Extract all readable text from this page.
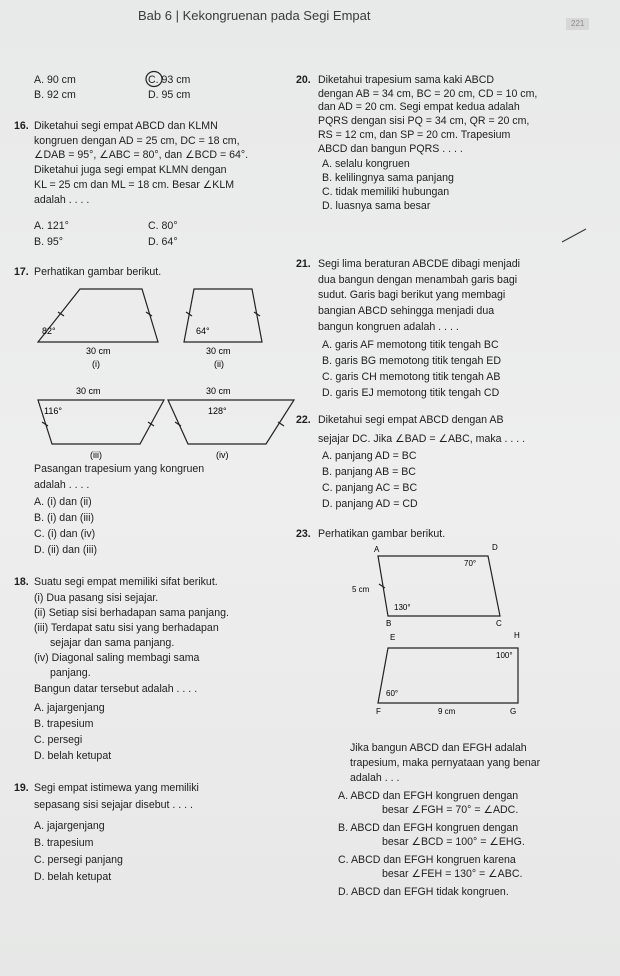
Bab 6 | Kekongruenan pada Segi Empat
221
A. 90 cm
B. 92 cm
C. 93 cm
D. 95 cm
16. Diketahui segi empat ABCD dan KLMN
kongruen dengan AD = 25 cm, DC = 18 cm,
∠DAB = 95°, ∠ABC = 80°, dan ∠BCD = 64°.
Diketahui juga segi empat KLMN dengan
KL = 25 cm dan ML = 18 cm. Besar ∠KLM
adalah . . . .
A. 121°
B. 95°
C. 80°
D. 64°
17. Perhatikan gambar berikut.
82°
30 cm
(i)
64°
30 cm
(ii)
30 cm
116°
(iii)
30 cm
128°
(iv)
Pasangan trapesium yang kongruen
adalah . . . .
A. (i) dan (ii)
B. (i) dan (iii)
C. (i) dan (iv)
D. (ii) dan (iii)
18. Suatu segi empat memiliki sifat berikut.
(i) Dua pasang sisi sejajar.
(ii) Setiap sisi berhadapan sama panjang.
(iii) Terdapat satu sisi yang berhadapan
sejajar dan sama panjang.
(iv) Diagonal saling membagi sama
panjang.
Bangun datar tersebut adalah . . . .
A. jajargenjang
B. trapesium
C. persegi
D. belah ketupat
19. Segi empat istimewa yang memiliki
sepasang sisi sejajar disebut . . . .
A. jajargenjang
B. trapesium
C. persegi panjang
D. belah ketupat
20. Diketahui trapesium sama kaki ABCD
dengan AB = 34 cm, BC = 20 cm, CD = 10 cm,
dan AD = 20 cm. Segi empat kedua adalah
PQRS dengan sisi PQ = 34 cm, QR = 20 cm,
RS = 12 cm, dan SP = 20 cm. Trapesium
ABCD dan bangun PQRS . . . .
A. selalu kongruen
B. kelilingnya sama panjang
C. tidak memiliki hubungan
D. luasnya sama besar
21. Segi lima beraturan ABCDE dibagi menjadi
dua bangun dengan menambah garis bagi
sudut. Garis bagi berikut yang membagi
bangian ABCD sehingga menjadi dua
bangun kongruen adalah . . . .
A. garis AF memotong titik tengah BC
B. garis BG memotong titik tengah ED
C. garis CH memotong titik tengah AB
D. garis EJ memotong titik tengah CD
22. Diketahui segi empat ABCD dengan AB
sejajar DC. Jika ∠BAD = ∠ABC, maka . . . .
A. panjang AD = BC
B. panjang AB = BC
C. panjang AC = BC
D. panjang AD = CD
23. Perhatikan gambar berikut.
A	D
B	C
5 cm
70°
130°
E	H
F	G
100°
60°
9 cm
Jika bangun ABCD dan EFGH adalah
trapesium, maka pernyataan yang benar
adalah . . .
A. ABCD dan EFGH kongruen dengan
besar ∠FGH = 70° = ∠ADC.
B. ABCD dan EFGH kongruen dengan
besar ∠BCD = 100° = ∠EHG.
C. ABCD dan EFGH kongruen karena
besar ∠FEH = 130° = ∠ABC.
D. ABCD dan EFGH tidak kongruen.
